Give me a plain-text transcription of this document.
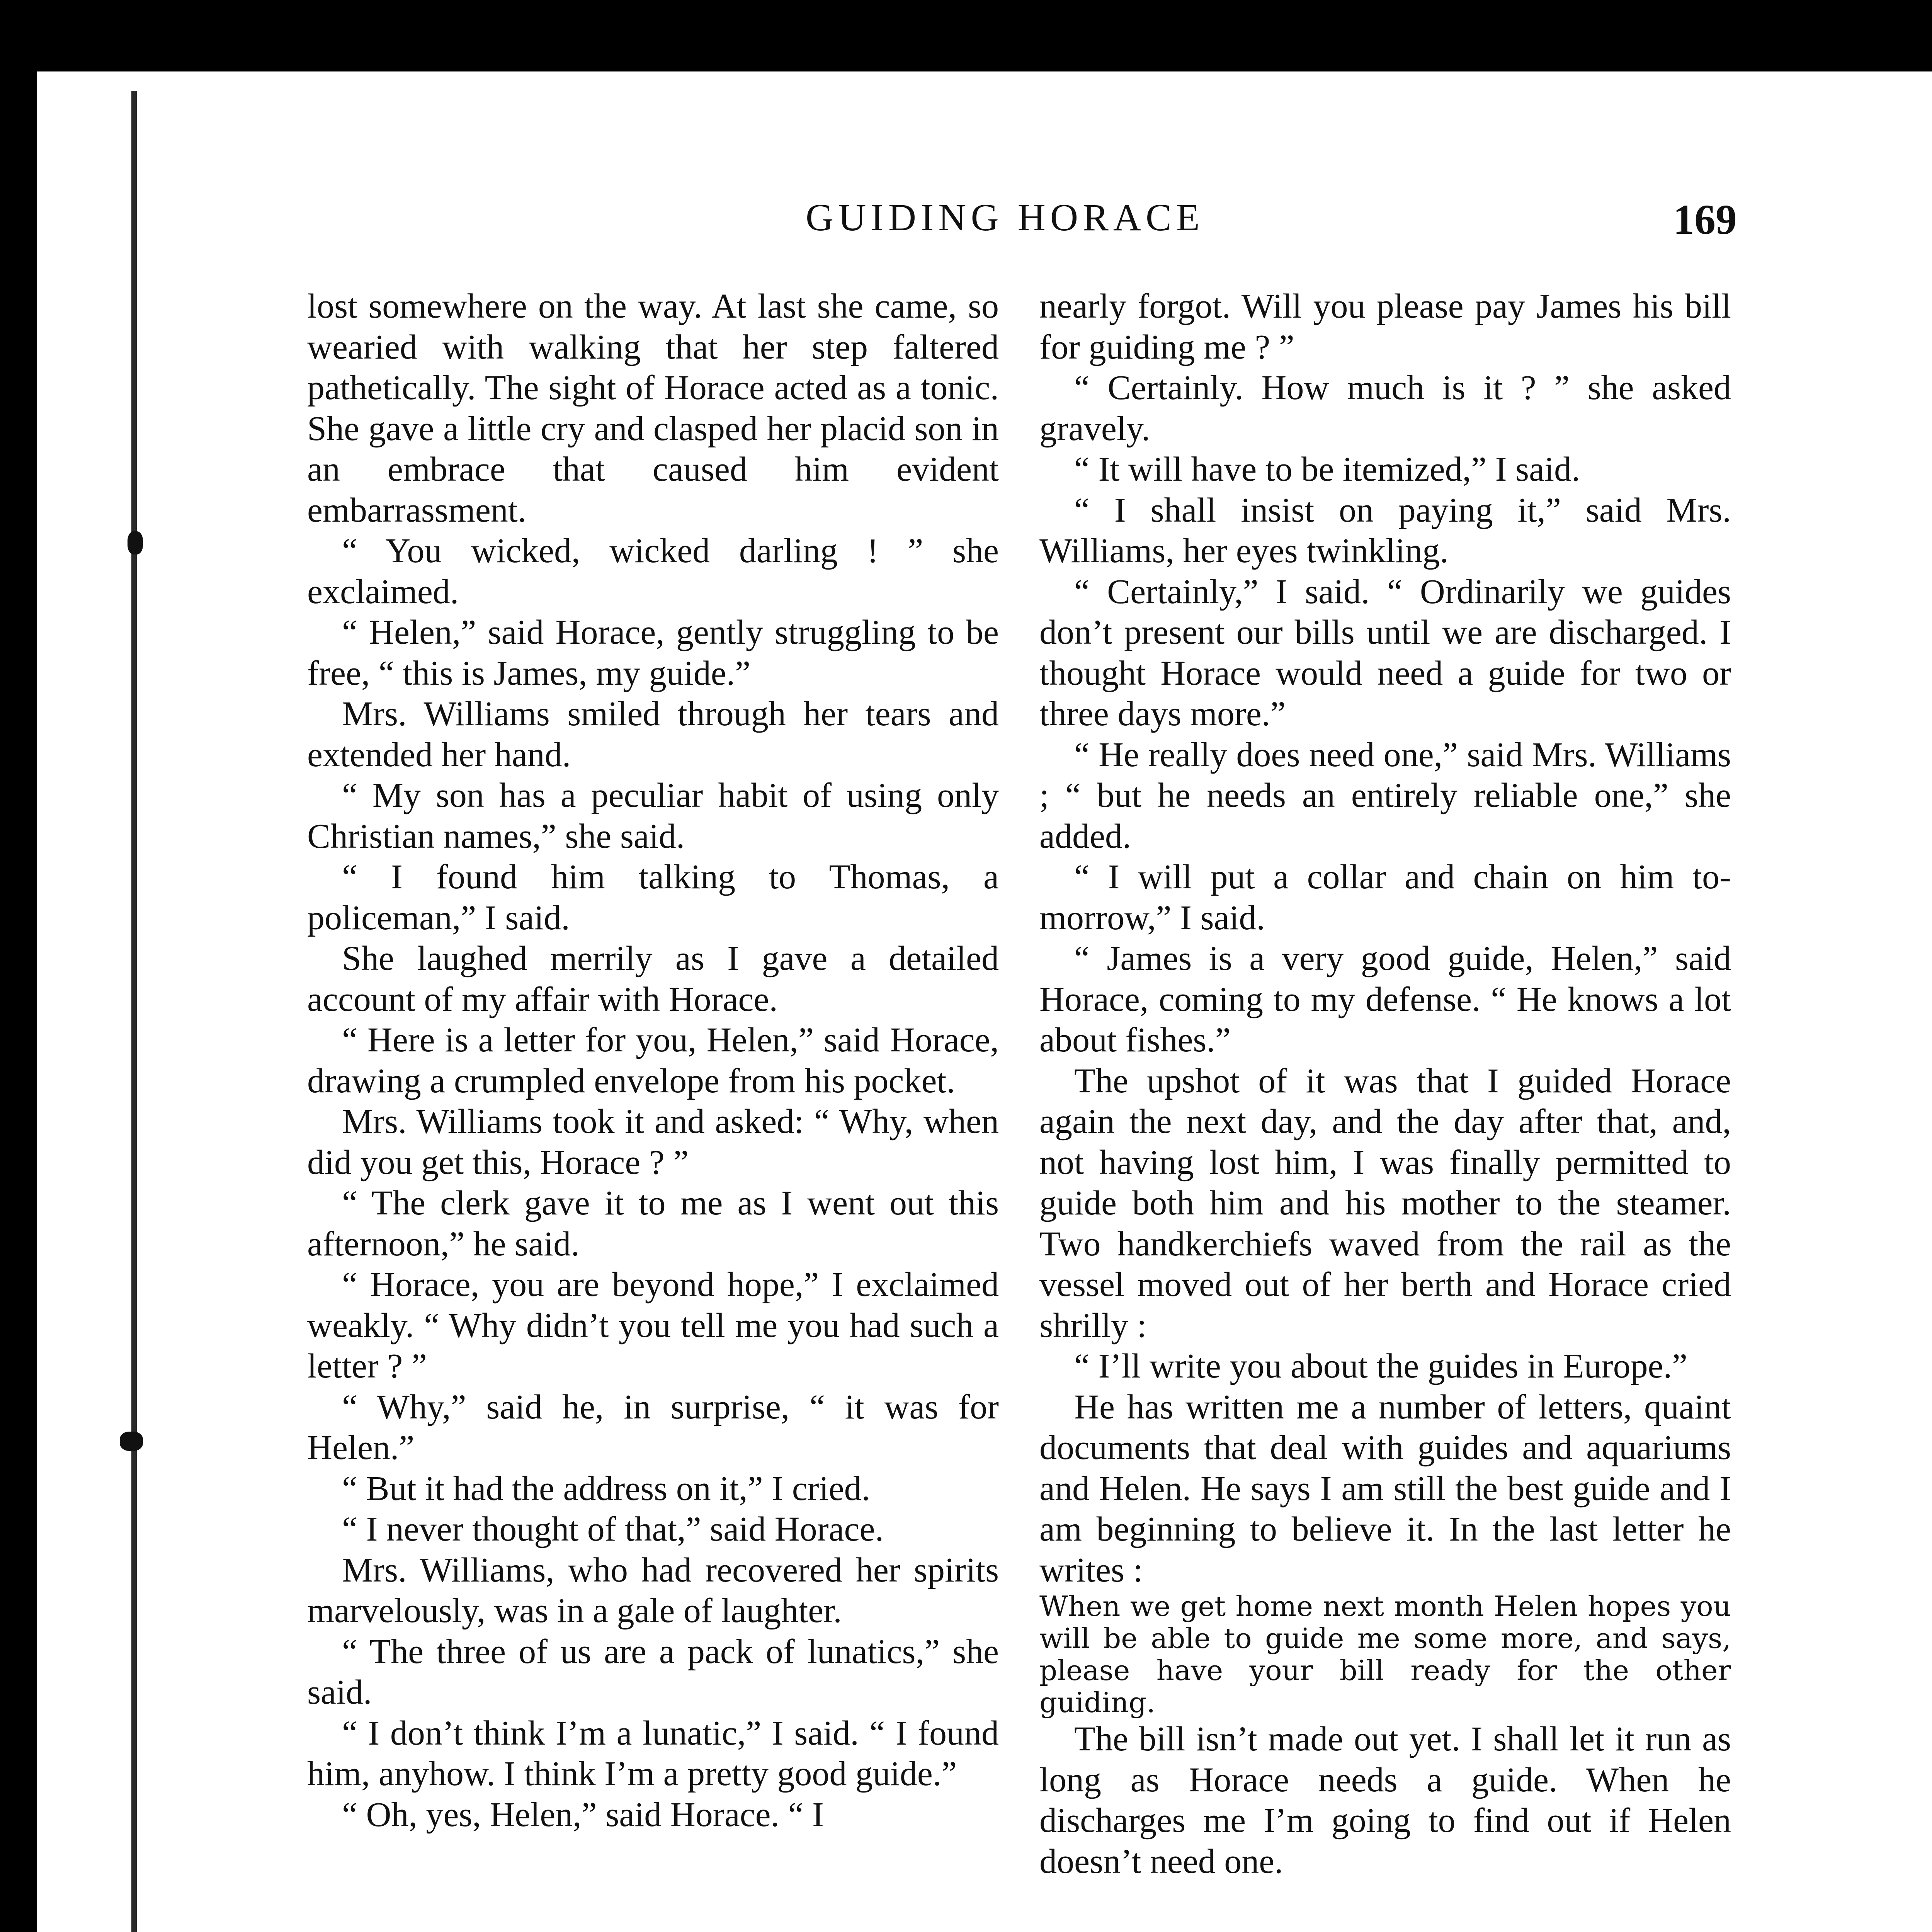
GUIDING HORACE	169

lost somewhere on the way. At last she came, so wearied with walking that her step faltered pathetically. The sight of Horace acted as a tonic. She gave a little cry and clasped her placid son in an embrace that caused him evident embarrassment.

“ You wicked, wicked darling ! ” she exclaimed.

“ Helen,” said Horace, gently struggling to be free, “ this is James, my guide.”

Mrs. Williams smiled through her tears and extended her hand.

“ My son has a peculiar habit of using only Christian names,” she said.

“ I found him talking to Thomas, a policeman,” I said.

She laughed merrily as I gave a detailed account of my affair with Horace.

“ Here is a letter for you, Helen,” said Horace, drawing a crumpled envelope from his pocket.

Mrs. Williams took it and asked: “ Why, when did you get this, Horace ? ”

“ The clerk gave it to me as I went out this afternoon,” he said.

“ Horace, you are beyond hope,” I exclaimed weakly. “ Why didn’t you tell me you had such a letter ? ”

“ Why,” said he, in surprise, “ it was for Helen.”

“ But it had the address on it,” I cried.

“ I never thought of that,” said Horace.

Mrs. Williams, who had recovered her spirits marvelously, was in a gale of laughter.

“ The three of us are a pack of lunatics,” she said.

“ I don’t think I’m a lunatic,” I said. “ I found him, anyhow. I think I’m a pretty good guide.”

“ Oh, yes, Helen,” said Horace. “ I

nearly forgot. Will you please pay James his bill for guiding me ? ”

“ Certainly. How much is it ? ” she asked gravely.

“ It will have to be itemized,” I said.

“ I shall insist on paying it,” said Mrs. Williams, her eyes twinkling.

“ Certainly,” I said. “ Ordinarily we guides don’t present our bills until we are discharged. I thought Horace would need a guide for two or three days more.”

“ He really does need one,” said Mrs. Williams ; “ but he needs an entirely reliable one,” she added.

“ I will put a collar and chain on him to-morrow,” I said.

“ James is a very good guide, Helen,” said Horace, coming to my defense. “ He knows a lot about fishes.”

The upshot of it was that I guided Horace again the next day, and the day after that, and, not having lost him, I was finally permitted to guide both him and his mother to the steamer. Two handkerchiefs waved from the rail as the vessel moved out of her berth and Horace cried shrilly :

“ I’ll write you about the guides in Europe.”

He has written me a number of letters, quaint documents that deal with guides and aquariums and Helen. He says I am still the best guide and I am beginning to believe it. In the last letter he writes :

When we get home next month Helen hopes you will be able to guide me some more, and says, please have your bill ready for the other guiding.

The bill isn’t made out yet. I shall let it run as long as Horace needs a guide. When he discharges me I’m going to find out if Helen doesn’t need one.
